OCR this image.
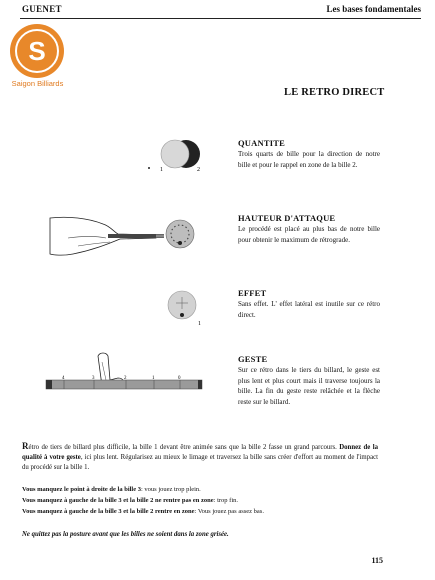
GUENET	Les bases fondamentales
S
Saigon Billiards
LE RETRO DIRECT
1	2
QUANTITE
Trois quarts de bille pour la direction de notre bille et pour le rappel en zone de la bille 2.
HAUTEUR D'ATTAQUE
Le procédé est placé au plus bas de notre bille pour obtenir le maximum de rétrograde.
1
EFFET
Sans effet. L' effet latéral est inutile sur ce rétro direct.
4	3	2	1	0
GESTE
Sur ce rétro dans le tiers du billard, le geste est plus lent et plus court mais il traverse toujours la bille. La fin du geste reste relâchée et la flèche reste sur le billard.
Rétro de tiers de billard plus difficile, la bille 1 devant être animée sans que la bille 2 fasse un grand parcours. Donnez de la qualité à votre geste, ici plus lent. Régularisez au mieux le limage et traversez la bille sans créer d'effort au moment de l'impact du procédé sur la bille 1.
Vous manquez le point à droite de la bille 3: vous jouez trop plein.
Vous manquez à gauche de la bille 3 et la bille 2 ne rentre pas en zone: trop fin.
Vous manquez à gauche de la bille 3 et la bille 2 rentre en zone: Vous jouez pas assez bas.
Ne quittez pas la posture avant que les billes ne soient dans la zone grisée.
115
